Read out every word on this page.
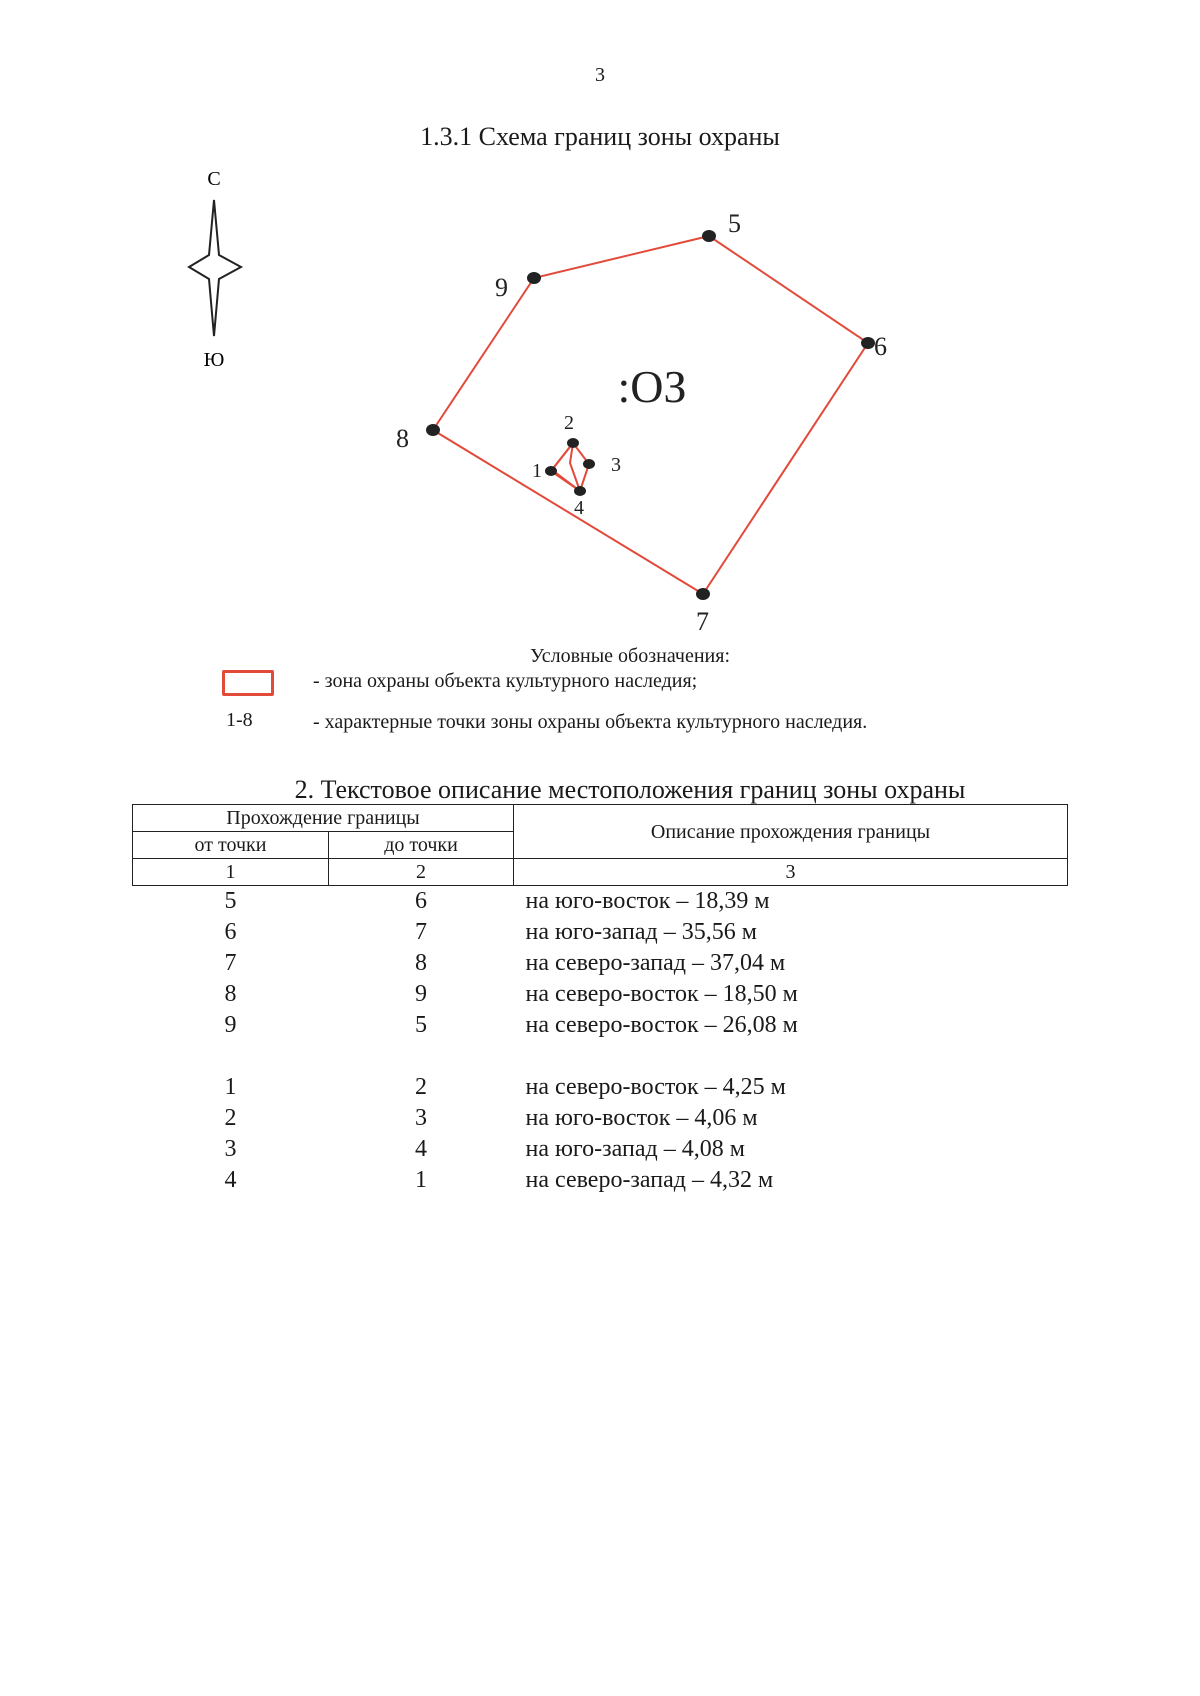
3
1.3.1 Схема границ зоны охраны
С
Ю
5
6
7
8
9
1
2
3
4
:ОЗ
Условные обозначения:
- зона охраны объекта культурного наследия;
1-8	- характерные точки зоны охраны объекта культурного наследия.
2. Текстовое описание местоположения границ зоны охраны
Прохождение границы		Описание прохождения границы
от точки	до точки	
1	2	3
5	6	на юго-восток – 18,39 м
6	7	на юго-запад – 35,56 м
7	8	на северо-запад – 37,04 м
8	9	на северо-восток – 18,50 м
9	5	на северо-восток – 26,08 м

1	2	на северо-восток – 4,25 м
2	3	на юго-восток – 4,06 м
3	4	на юго-запад – 4,08 м
4	1	на северо-запад – 4,32 м
